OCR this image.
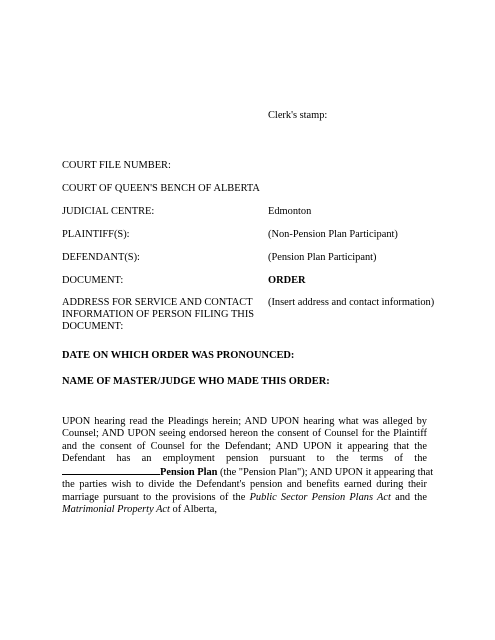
Clerk's stamp:
COURT FILE NUMBER:
COURT OF QUEEN'S BENCH OF ALBERTA
JUDICIAL CENTRE:	Edmonton
PLAINTIFF(S):	(Non-Pension Plan Participant)
DEFENDANT(S):	(Pension Plan Participant)
DOCUMENT:	ORDER
ADDRESS FOR SERVICE AND CONTACT
INFORMATION OF PERSON FILING THIS
DOCUMENT:
(Insert address and contact information)
DATE ON WHICH ORDER WAS PRONOUNCED:
NAME OF MASTER/JUDGE WHO MADE THIS ORDER:
UPON hearing read the Pleadings herein; AND UPON hearing what was alleged by
Counsel; AND UPON seeing endorsed hereon the consent of Counsel for the Plaintiff
and the consent of Counsel for the Defendant; AND UPON it appearing that the
Defendant has an employment pension pursuant to the terms of the
Pension Plan (the "Pension Plan"); AND UPON it appearing that
the parties wish to divide the Defendant's pension and benefits earned during their
marriage pursuant to the provisions of the Public Sector Pension Plans Act and the
Matrimonial Property Act of Alberta,
